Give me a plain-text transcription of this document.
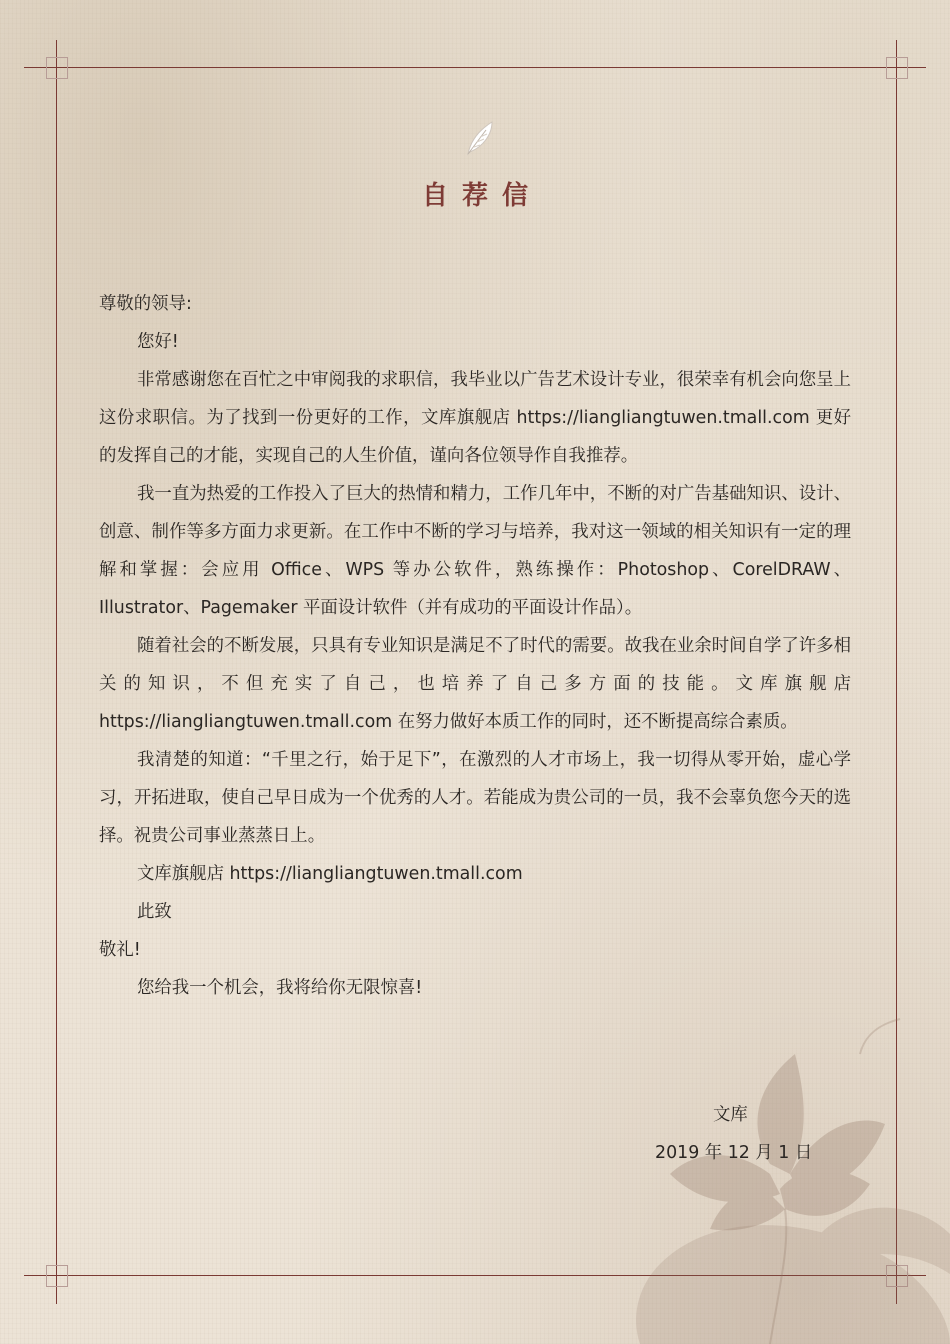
自荐信

尊敬的领导:

您好!

非常感谢您在百忙之中审阅我的求职信，我毕业以广告艺术设计专业，很荣幸有机会向您呈上这份求职信。为了找到一份更好的工作，文库旗舰店 https://liangliangtuwen.tmall.com 更好的发挥自己的才能，实现自己的人生价值，谨向各位领导作自我推荐。

我一直为热爱的工作投入了巨大的热情和精力，工作几年中，不断的对广告基础知识、设计、创意、制作等多方面力求更新。在工作中不断的学习与培养，我对这一领域的相关知识有一定的理解和掌握：会应用 Office、WPS 等办公软件，熟练操作：Photoshop、CorelDRAW、Illustrator、Pagemaker 平面设计软件（并有成功的平面设计作品）。

随着社会的不断发展，只具有专业知识是满足不了时代的需要。故我在业余时间自学了许多相关的知识，不但充实了自己，也培养了自己多方面的技能。文库旗舰店 https://liangliangtuwen.tmall.com 在努力做好本质工作的同时，还不断提高综合素质。

我清楚的知道：“千里之行，始于足下”，在激烈的人才市场上，我一切得从零开始，虚心学习，开拓进取，使自己早日成为一个优秀的人才。若能成为贵公司的一员，我不会辜负您今天的选择。祝贵公司事业蒸蒸日上。

文库旗舰店 https://liangliangtuwen.tmall.com

此致

敬礼!

您给我一个机会，我将给你无限惊喜!

文库
2019 年 12 月 1 日
